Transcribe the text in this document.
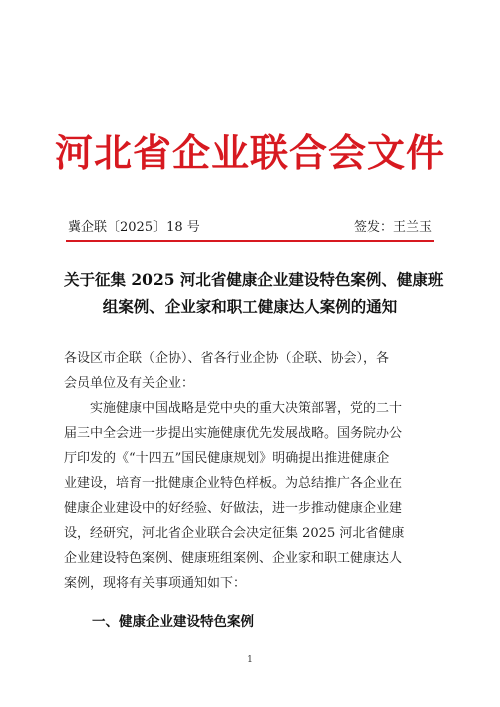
河北省企业联合会文件
冀企联〔2025〕18 号	签发：王兰玉
关于征集 2025 河北省健康企业建设特色案例、健康班
组案例、企业家和职工健康达人案例的通知

各设区市企联（企协）、省各行业企协（企联、协会），各

会员单位及有关企业：

实施健康中国战略是党中央的重大决策部署，党的二十

届三中全会进一步提出实施健康优先发展战略。国务院办公

厅印发的《“十四五”国民健康规划》明确提出推进健康企

业建设，培育一批健康企业特色样板。为总结推广各企业在

健康企业建设中的好经验、好做法，进一步推动健康企业建

设，经研究，河北省企业联合会决定征集 2025 河北省健康

企业建设特色案例、健康班组案例、企业家和职工健康达人

案例，现将有关事项通知如下：

一、健康企业建设特色案例
1
